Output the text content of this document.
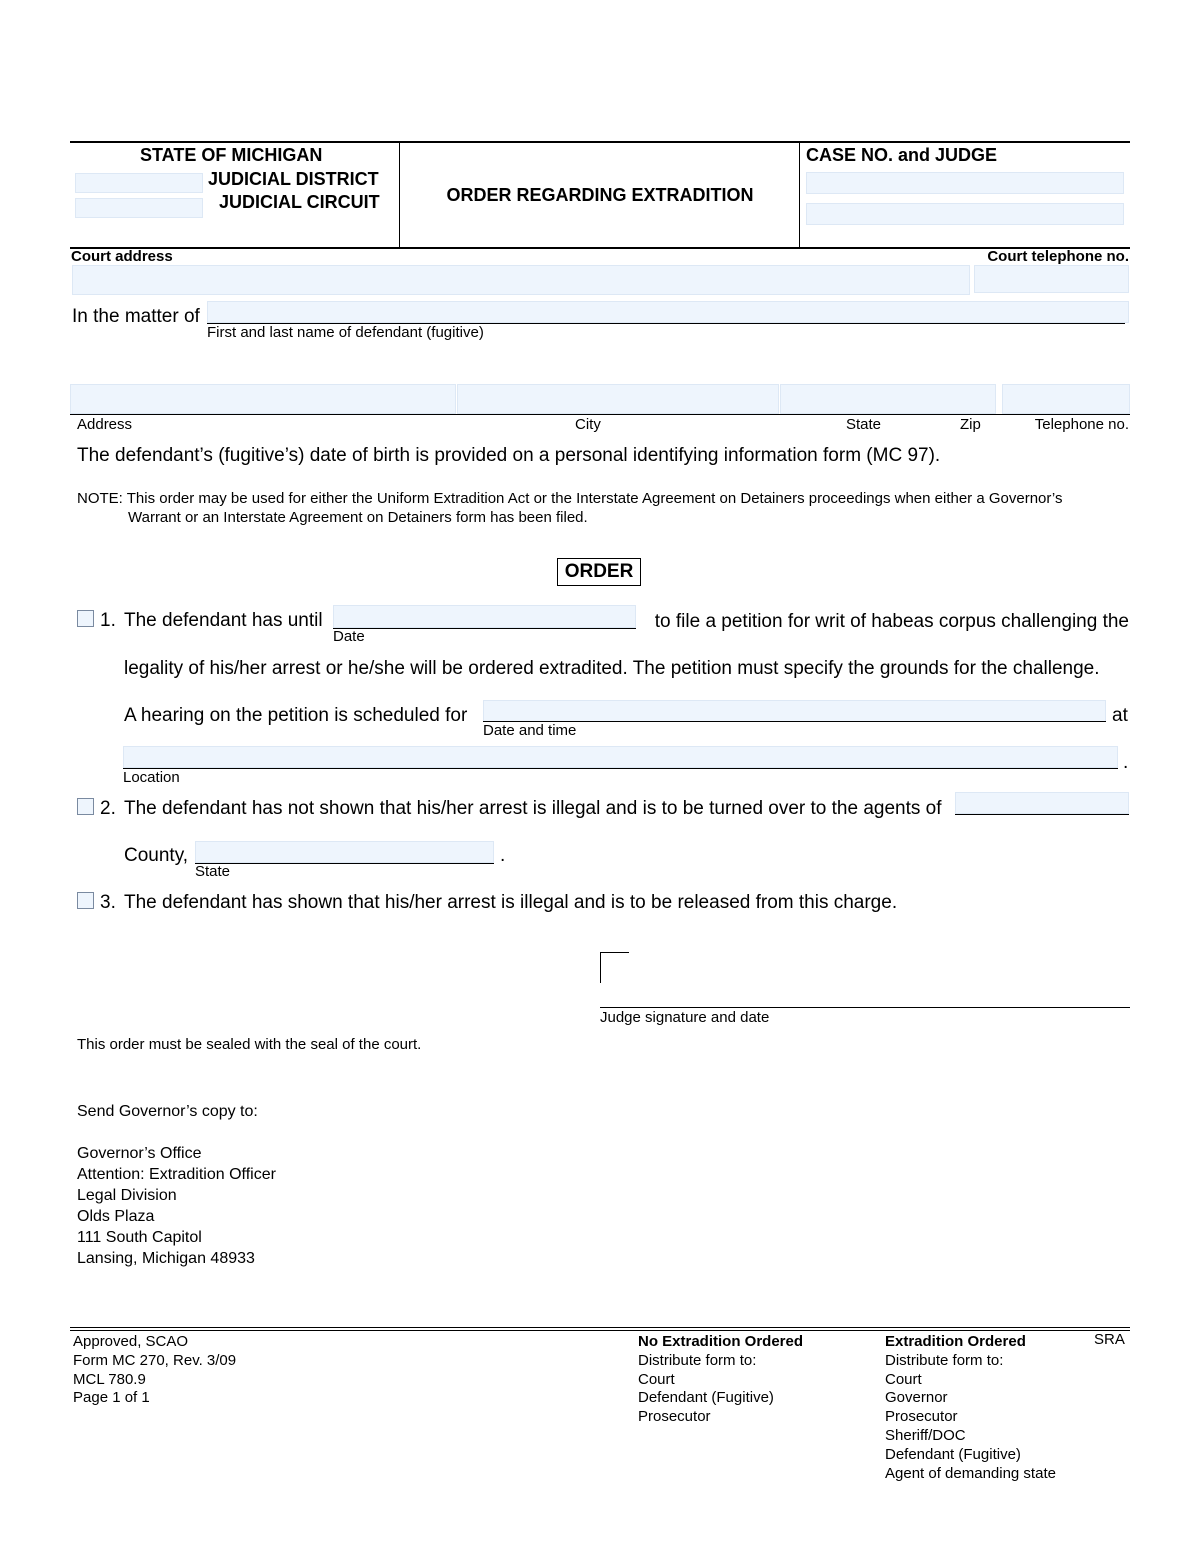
STATE OF MICHIGAN
JUDICIAL DISTRICT
JUDICIAL CIRCUIT	ORDER REGARDING EXTRADITION
CASE NO. and JUDGE
Court address	Court telephone no.
In the matter of
First and last name of defendant (fugitive)
Address	City	State	Zip	Telephone no.
The defendant’s (fugitive’s) date of birth is provided on a personal identifying information form (MC 97).
NOTE: This order may be used for either the Uniform Extradition Act or the Interstate Agreement on Detainers proceedings when either a Governor’s
Warrant or an Interstate Agreement on Detainers form has been filed.
ORDER
1. The defendant has until
Date
to file a petition for writ of habeas corpus challenging the
legality of his/her arrest or he/she will be ordered extradited. The petition must specify the grounds for the challenge.
A hearing on the petition is scheduled for
Date and time
at
Location
.
2. The defendant has not shown that his/her arrest is illegal and is to be turned over to the agents of
County,
State
.
3. The defendant has shown that his/her arrest is illegal and is to be released from this charge.
Judge signature and date
This order must be sealed with the seal of the court.
Send Governor’s copy to:
Governor’s Office
Attention: Extradition Officer
Legal Division
Olds Plaza
111 South Capitol
Lansing, Michigan 48933
Approved, SCAO
Form MC 270, Rev. 3/09
MCL 780.9
Page 1 of 1
No Extradition Ordered
Distribute form to:
Court
Defendant (Fugitive)
Prosecutor
Extradition Ordered
Distribute form to:
Court
Governor
Prosecutor
Sheriff/DOC
Defendant (Fugitive)
Agent of demanding state
SRA
